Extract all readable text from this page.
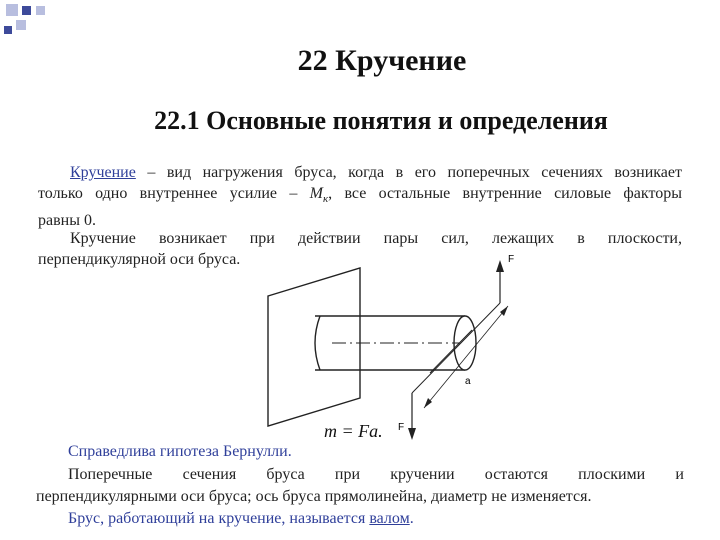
22 Кручение
22.1 Основные понятия и определения
Кручение – вид нагружения бруса, когда в его поперечных сечениях возникает
только одно внутреннее усилие – $M_к$, все остальные внутренние силовые факторы
равны 0.
Кручение возникает при действии пары сил, лежащих в плоскости,
перпендикулярной оси бруса.	F
F
a
m = Fa.
Справедлива гипотеза Бернулли.
Поперечные сечения бруса при кручении остаются плоскими и
перпендикулярными оси бруса; ось бруса прямолинейна, диаметр не изменяется.
Брус, работающий на кручение, называется валом.
